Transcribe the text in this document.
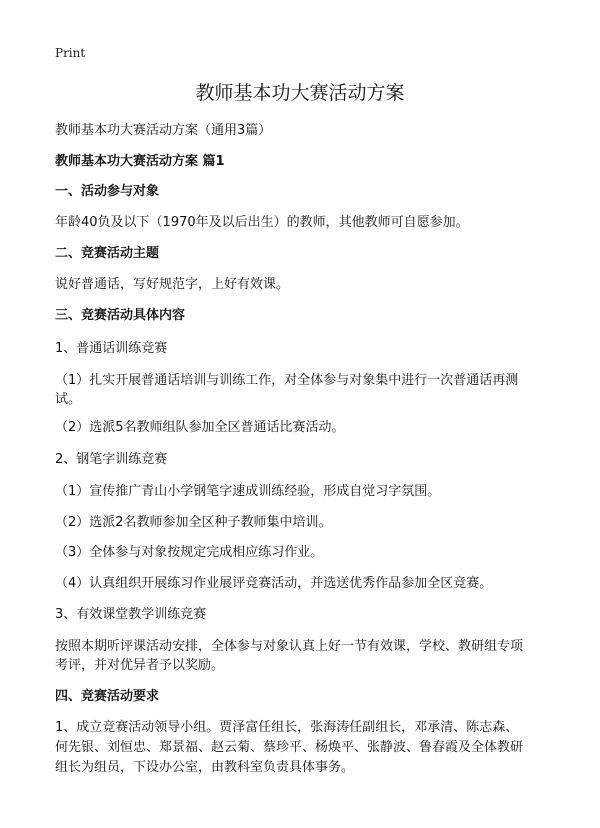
Print
教师基本功大赛活动方案

教师基本功大赛活动方案（通用3篇）

教师基本功大赛活动方案 篇1

一、活动参与对象

年龄40负及以下（1970年及以后出生）的教师，其他教师可自愿参加。

二、竞赛活动主题

说好普通话，写好规范字，上好有效课。

三、竞赛活动具体内容

1、普通话训练竞赛

（1）扎实开展普通话培训与训练工作，对全体参与对象集中进行一次普通话再测

试。

（2）选派5名教师组队参加全区普通话比赛活动。

2、钢笔字训练竞赛

（1）宣传推广青山小学钢笔字速成训练经验，形成自觉习字氛围。

（2）选派2名教师参加全区种子教师集中培训。

（3）全体参与对象按规定完成相应练习作业。

（4）认真组织开展练习作业展评竞赛活动，并选送优秀作品参加全区竞赛。

3、有效课堂教学训练竞赛

按照本期听评课活动安排，全体参与对象认真上好一节有效课，学校、教研组专项

考评，并对优异者予以奖励。

四、竞赛活动要求

1、成立竞赛活动领导小组。贾泽富任组长，张海涛任副组长，邓承清、陈志森、

何先银、刘恒忠、郑景福、赵云菊、蔡珍平、杨焕平、张静波、鲁春霞及全体教研

组长为组员，下设办公室，由教科室负责具体事务。
